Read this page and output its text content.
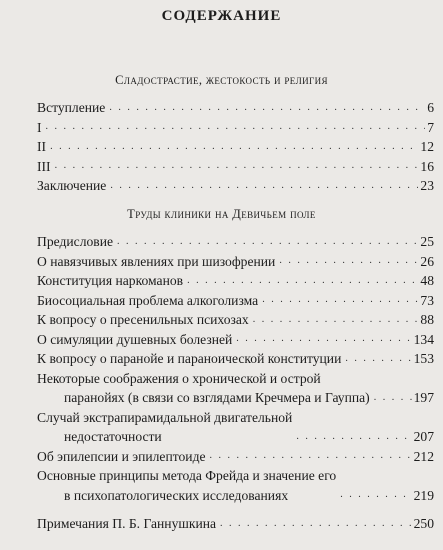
СОДЕРЖАНИЕ
Сладострастие, жестокость и религия
Вступление . . .	6
I . . .	7
II . . .	12
III . . .	16
Заключение . . .	23
Труды клиники на Девичьем поле
Предисловие . . .	25
О навязчивых явлениях при шизофрении . . .	26
Конституция наркоманов . . .	48
Биосоциальная проблема алкоголизма . . .	73
К вопросу о пресенильных психозах . . .	88
О симуляции душевных болезней . . .	134
К вопросу о паранойе и параноической конституции . . .	153
Некоторые соображения о хронической и острой
паранойях (в связи со взглядами Кречмера и Гауппа) . . .	197
Случай экстрапирамидальной двигательной
недостаточности . . .	207
Об эпилепсии и эпилептоиде . . .	212
Основные принципы метода Фрейда и значение его
в психопатологических исследованиях . . .	219
Примечания П. Б. Ганнушкина . . .	250
